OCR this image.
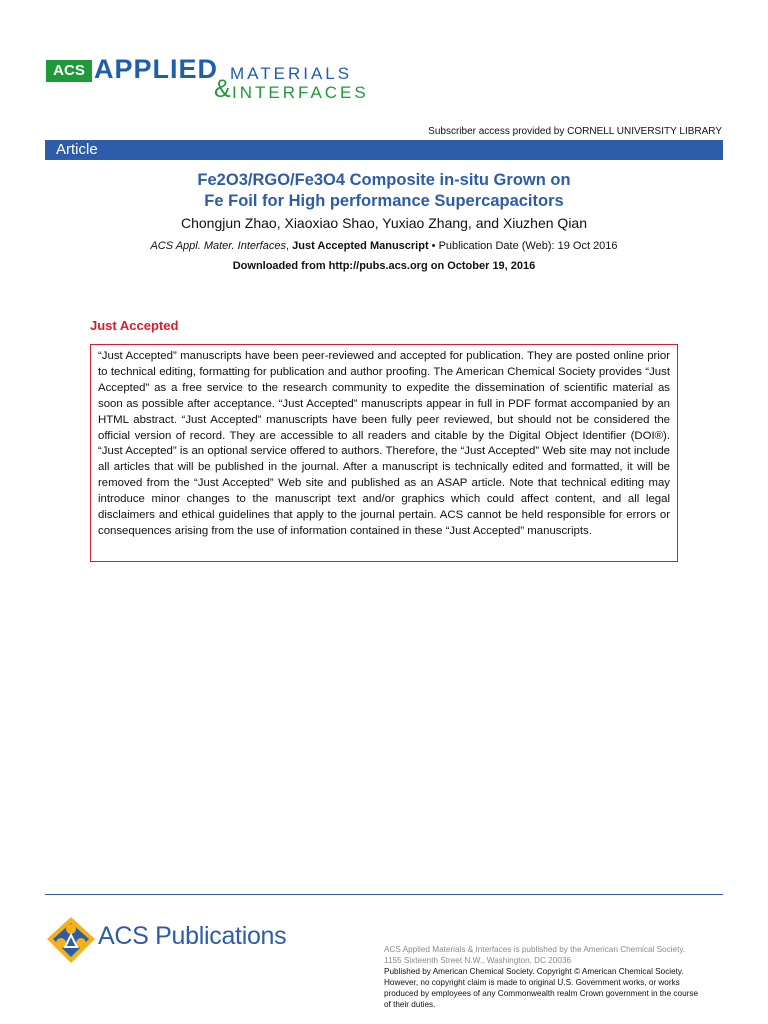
ACS APPLIED MATERIALS
& INTERFACES
Subscriber access provided by CORNELL UNIVERSITY LIBRARY
Article
Fe2O3/RGO/Fe3O4 Composite in-situ Grown on
Fe Foil for High performance Supercapacitors
Chongjun Zhao, Xiaoxiao Shao, Yuxiao Zhang, and Xiuzhen Qian
ACS Appl. Mater. Interfaces, Just Accepted Manuscript • Publication Date (Web): 19 Oct 2016
Downloaded from http://pubs.acs.org on October 19, 2016
Just Accepted
“Just Accepted” manuscripts have been peer-reviewed and accepted for publication. They are posted online prior to technical editing, formatting for publication and author proofing. The American Chemical Society provides “Just Accepted” as a free service to the research community to expedite the dissemination of scientific material as soon as possible after acceptance. “Just Accepted” manuscripts appear in full in PDF format accompanied by an HTML abstract. “Just Accepted” manuscripts have been fully peer reviewed, but should not be considered the official version of record. They are accessible to all readers and citable by the Digital Object Identifier (DOI®). “Just Accepted” is an optional service offered to authors. Therefore, the “Just Accepted” Web site may not include all articles that will be published in the journal. After a manuscript is technically edited and formatted, it will be removed from the “Just Accepted” Web site and published as an ASAP article. Note that technical editing may introduce minor changes to the manuscript text and/or graphics which could affect content, and all legal disclaimers and ethical guidelines that apply to the journal pertain. ACS cannot be held responsible for errors or consequences arising from the use of information contained in these “Just Accepted” manuscripts.
ACS Publications	ACS Applied Materials & Interfaces is published by the American Chemical Society.
1155 Sixteenth Street N.W., Washington, DC 20036
Published by American Chemical Society. Copyright © American Chemical Society.
However, no copyright claim is made to original U.S. Government works, or works
produced by employees of any Commonwealth realm Crown government in the course
of their duties.
